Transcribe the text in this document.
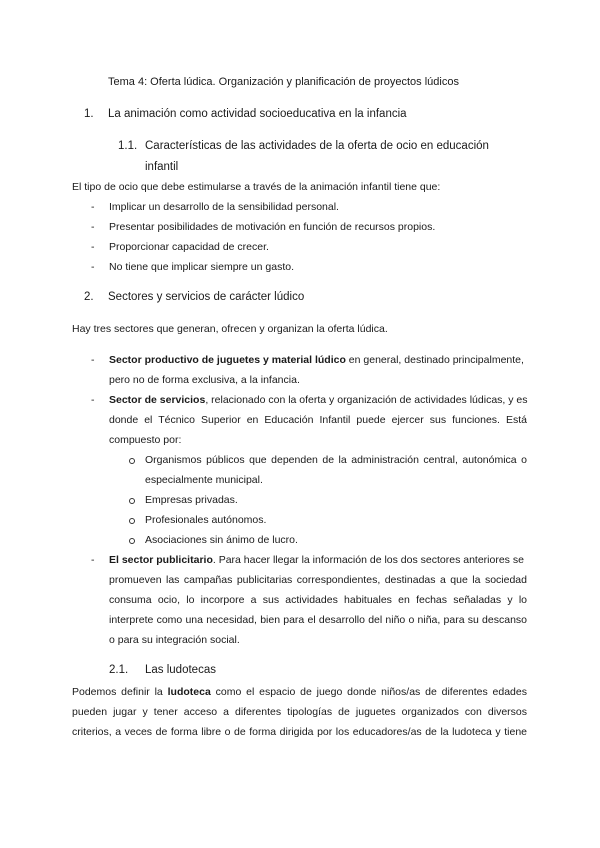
Tema 4: Oferta lúdica. Organización y planificación de proyectos lúdicos
1. La animación como actividad socioeducativa en la infancia
1.1. Características de las actividades de la oferta de ocio en educación
infantil
El tipo de ocio que debe estimularse a través de la animación infantil tiene que:
- Implicar un desarrollo de la sensibilidad personal.
- Presentar posibilidades de motivación en función de recursos propios.
- Proporcionar capacidad de crecer.
- No tiene que implicar siempre un gasto.
2. Sectores y servicios de carácter lúdico
Hay tres sectores que generan, ofrecen y organizan la oferta lúdica.
- Sector productivo de juguetes y material lúdico en general, destinado principalmente,
pero no de forma exclusiva, a la infancia.
- Sector de servicios, relacionado con la oferta y organización de actividades lúdicas, y es
donde el Técnico Superior en Educación Infantil puede ejercer sus funciones. Está
compuesto por:
Organismos públicos que dependen de la administración central, autonómica o
especialmente municipal.
Empresas privadas.
Profesionales autónomos.
Asociaciones sin ánimo de lucro.
- El sector publicitario. Para hacer llegar la información de los dos sectores anteriores se
promueven las campañas publicitarias correspondientes, destinadas a que la sociedad
consuma ocio, lo incorpore a sus actividades habituales en fechas señaladas y lo
interprete como una necesidad, bien para el desarrollo del niño o niña, para su descanso
o para su integración social.
2.1. Las ludotecas
Podemos definir la ludoteca como el espacio de juego donde niños/as de diferentes edades
pueden jugar y tener acceso a diferentes tipologías de juguetes organizados con diversos
criterios, a veces de forma libre o de forma dirigida por los educadores/as de la ludoteca y tiene
